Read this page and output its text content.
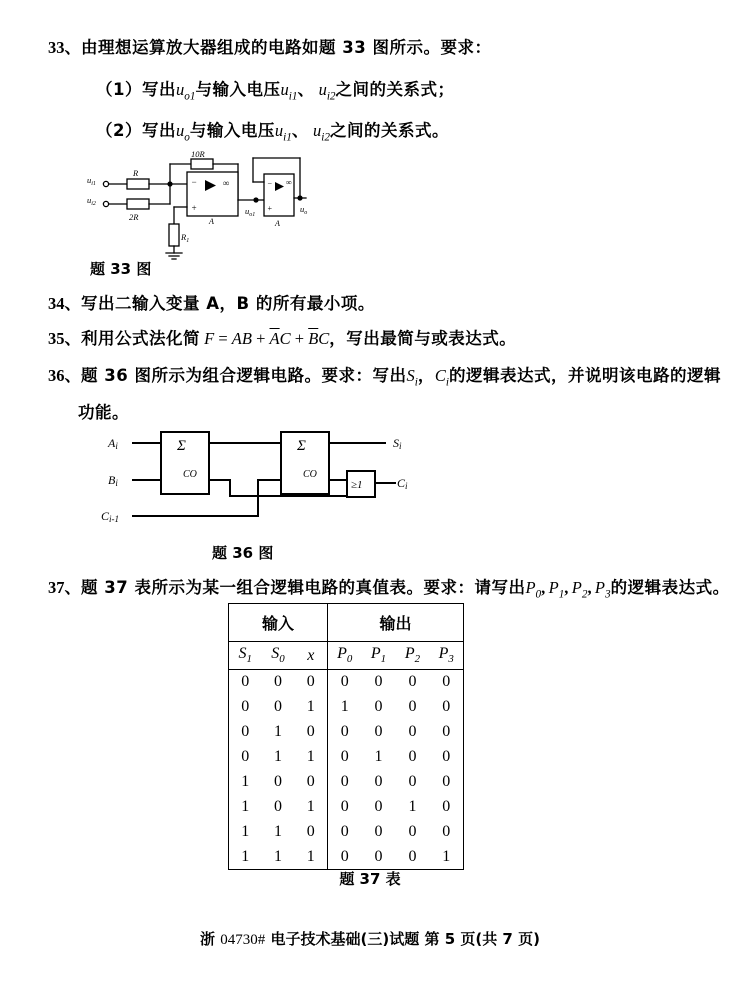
33、由理想运算放大器组成的电路如题 33 图所示。要求：
（1）写出$u_{o1}$与输入电压$u_{i1}$、 $u_{i2}$之间的关系式；
（2）写出$u_o$与输入电压$u_{i1}$、 $u_{i2}$之间的关系式。
$u_{i1}$
$u_{i2}$
R
2R
10R
$R_1$
$u_{o1}$
$u_o$
A	A
−
+
∞	−
+
∞
题 33 图
34、写出二输入变量 A，B 的所有最小项。
35、利用公式法化简 F = AB + $\overline{A}C + \overline{B}C$，写出最简与或表达式。
36、题 36 图所示为组合逻辑电路。要求：写出$S_i$，$C_i$的逻辑表达式，并说明该电路的逻辑
功能。
Ai
Bi
Ci-1
Si
Ci
Σ	Σ
CO	CO
≥1
题 36 图
37、题 37 表所示为某一组合逻辑电路的真值表。要求：请写出$P_0$, $P_1$, $P_2$, $P_3$的逻辑表达式。
输入			输出			
$S_1$	$S_0$	x	$P_0$	$P_1$	$P_2$	$P_3$
0	0	0	0	0	0	0
0	0	1	1	0	0	0
0	1	0	0	0	0	0
0	1	1	0	1	0	0
1	0	0	0	0	0	0
1	0	1	0	0	1	0
1	1	0	0	0	0	0
1	1	1	0	0	0	1
题 37 表
浙 04730# 电子技术基础(三)试题 第 5 页(共 7 页)
